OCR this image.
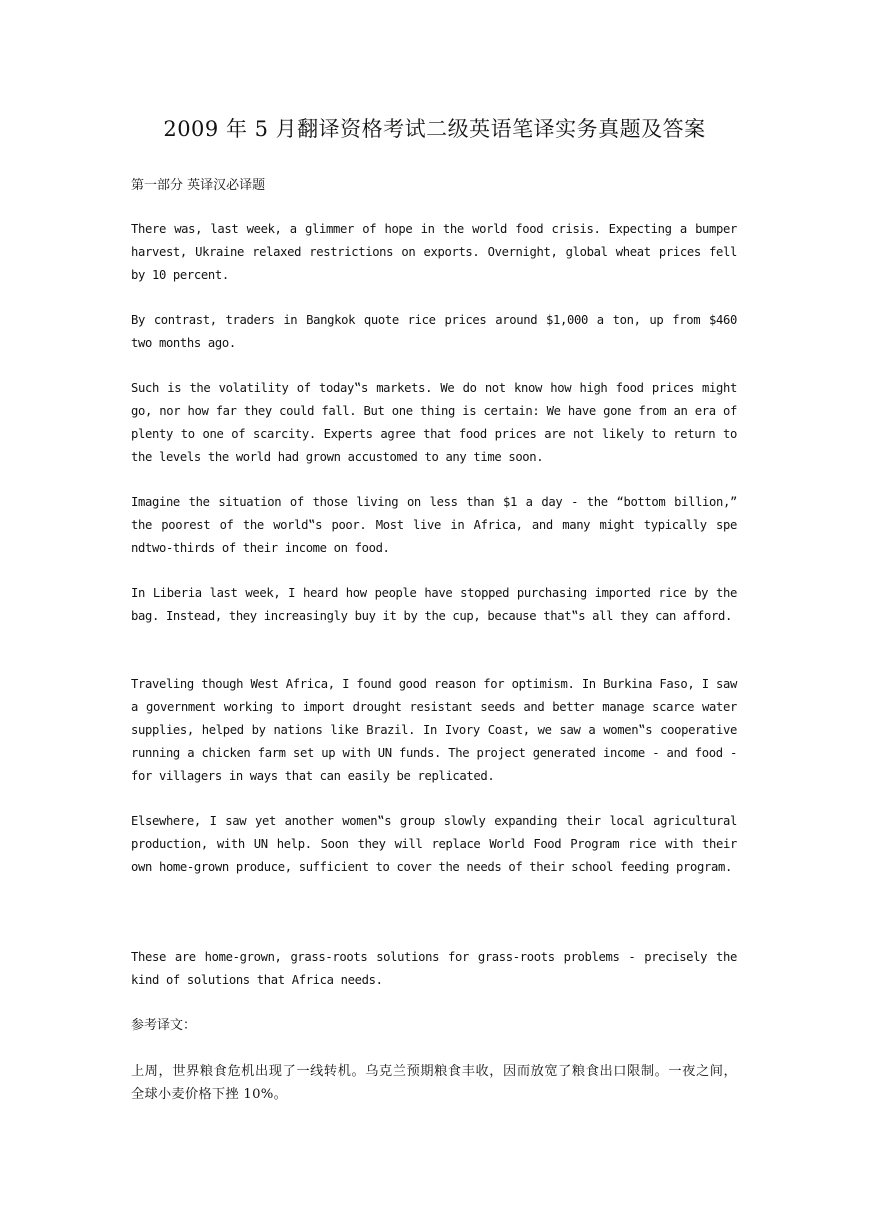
2009 年 5 月翻译资格考试二级英语笔译实务真题及答案

第一部分 英译汉必译题

There was, last week, a glimmer of hope in the world food crisis. Expecting a bumper harvest, Ukraine relaxed restrictions on exports. Overnight, global wheat prices fell by 10 percent.

By contrast, traders in Bangkok quote rice prices around $1,000 a ton, up from $460 two months ago.

Such is the volatility of today‟s markets. We do not know how high food prices might go, nor how far they could fall. But one thing is certain: We have gone from an era of plenty to one of scarcity. Experts agree that food prices are not likely to return to the levels the world had grown accustomed to any time soon.

Imagine the situation of those living on less than $1 a day - the “bottom billion,” the poorest of the world‟s poor. Most live in Africa, and many might typically spe ndtwo-thirds of their income on food.

In Liberia last week, I heard how people have stopped purchasing imported rice by the bag. Instead, they increasingly buy it by the cup, because that‟s all they can afford.

Traveling though West Africa, I found good reason for optimism. In Burkina Faso, I saw a government working to import drought resistant seeds and better manage scarce water supplies, helped by nations like Brazil. In Ivory Coast, we saw a women‟s cooperative running a chicken farm set up with UN funds. The project generated income - and food - for villagers in ways that can easily be replicated.

Elsewhere, I saw yet another women‟s group slowly expanding their local agricultural production, with UN help. Soon they will replace World Food Program rice with their own home-grown produce, sufficient to cover the needs of their school feeding program.

These are home-grown, grass-roots solutions for grass-roots problems - precisely the kind of solutions that Africa needs.

参考译文：

上周，世界粮食危机出现了一线转机。乌克兰预期粮食丰收，因而放宽了粮食出口限制。一夜之间，全球小麦价格下挫 10%。
